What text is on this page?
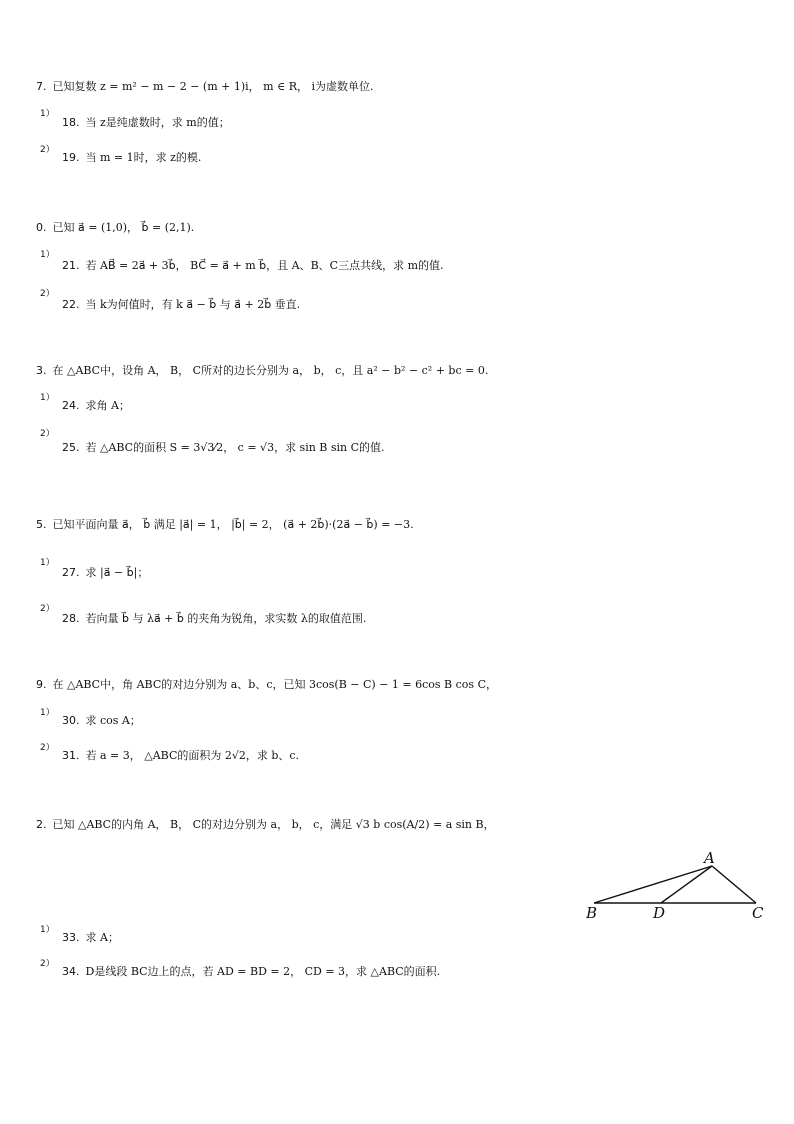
7. 已知复数 z = m² − m − 2 − (m + 1)i， m ∈ R， i为虚数单位.
1）
18. 当 z是纯虚数时，求 m的值；
2）
19. 当 m = 1时，求 z的模.
0. 已知 a⃗ = (1,0)， b⃗ = (2,1).
1）
21. 若 AB⃗ = 2a⃗ + 3b⃗， BC⃗ = a⃗ + m b⃗，且 A、B、C三点共线，求 m的值.
2）
22. 当 k为何值时，有 k a⃗ − b⃗ 与 a⃗ + 2b⃗ 垂直.
3. 在 △ABC中，设角 A， B， C所对的边长分别为 a， b， c，且 a² − b² − c² + bc = 0.
1）
24. 求角 A；
2）
25. 若 △ABC的面积 S = 3√3⁄2， c = √3，求 sin B sin C的值.
5. 已知平面向量 a⃗， b⃗ 满足 |a⃗| = 1， |b⃗| = 2， (a⃗ + 2b⃗)·(2a⃗ − b⃗) = −3.
1）
27. 求 |a⃗ − b⃗|；
2）
28. 若向量 b⃗ 与 λa⃗ + b⃗ 的夹角为锐角，求实数 λ的取值范围.
9. 在 △ABC中，角 ABC的对边分别为 a、b、c，已知 3cos(B − C) − 1 = 6cos B cos C，
1）
30. 求 cos A；
2）
31. 若 a = 3， △ABC的面积为 2√2，求 b、c.
2. 已知 △ABC的内角 A， B， C的对边分别为 a， b， c，满足 √3 b cos(A/2) = a sin B，
A
B	D	C
1）
33. 求 A；
2）
34. D是线段 BC边上的点，若 AD = BD = 2， CD = 3，求 △ABC的面积.
